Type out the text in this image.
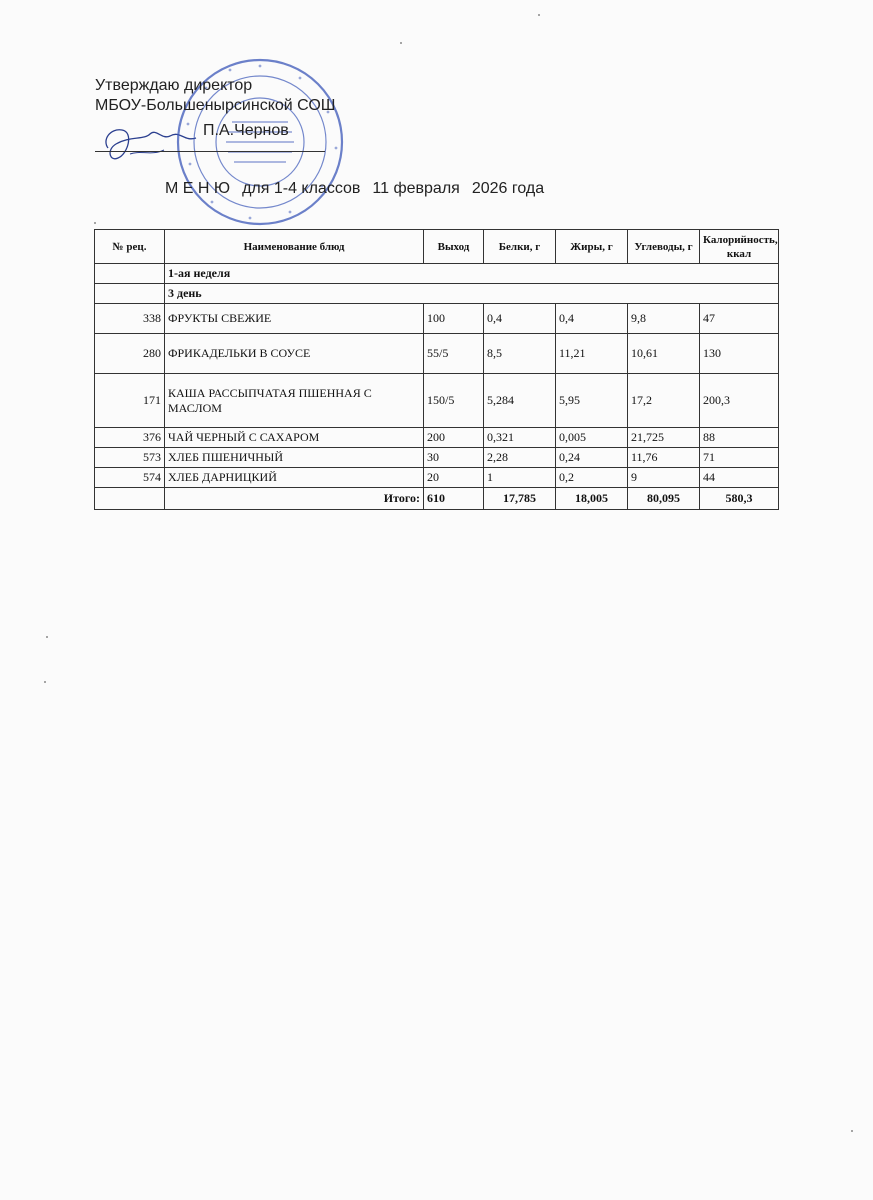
Утверждаю директор
МБОУ-Большенырсинской СОШ
П.А.Чернов
М Е Н Ю для 1-4 классов 11 февраля 2026 года
№ рец.	Наименование блюд	Выход	Белки, г	Жиры, г	Углеводы, г	Калорийность, ккал
	1-ая неделя					
	3 день					
338	ФРУКТЫ СВЕЖИЕ	100	0,4	0,4	9,8	47
280	ФРИКАДЕЛЬКИ В СОУСЕ	55/5	8,5	11,21	10,61	130
171	КАША РАССЫПЧАТАЯ ПШЕННАЯ С МАСЛОМ	150/5	5,284	5,95	17,2	200,3
376	ЧАЙ ЧЕРНЫЙ С САХАРОМ	200	0,321	0,005	21,725	88
573	ХЛЕБ ПШЕНИЧНЫЙ	30	2,28	0,24	11,76	71
574	ХЛЕБ ДАРНИЦКИЙ	20	1	0,2	9	44
	Итого:	610	17,785	18,005	80,095	580,3
